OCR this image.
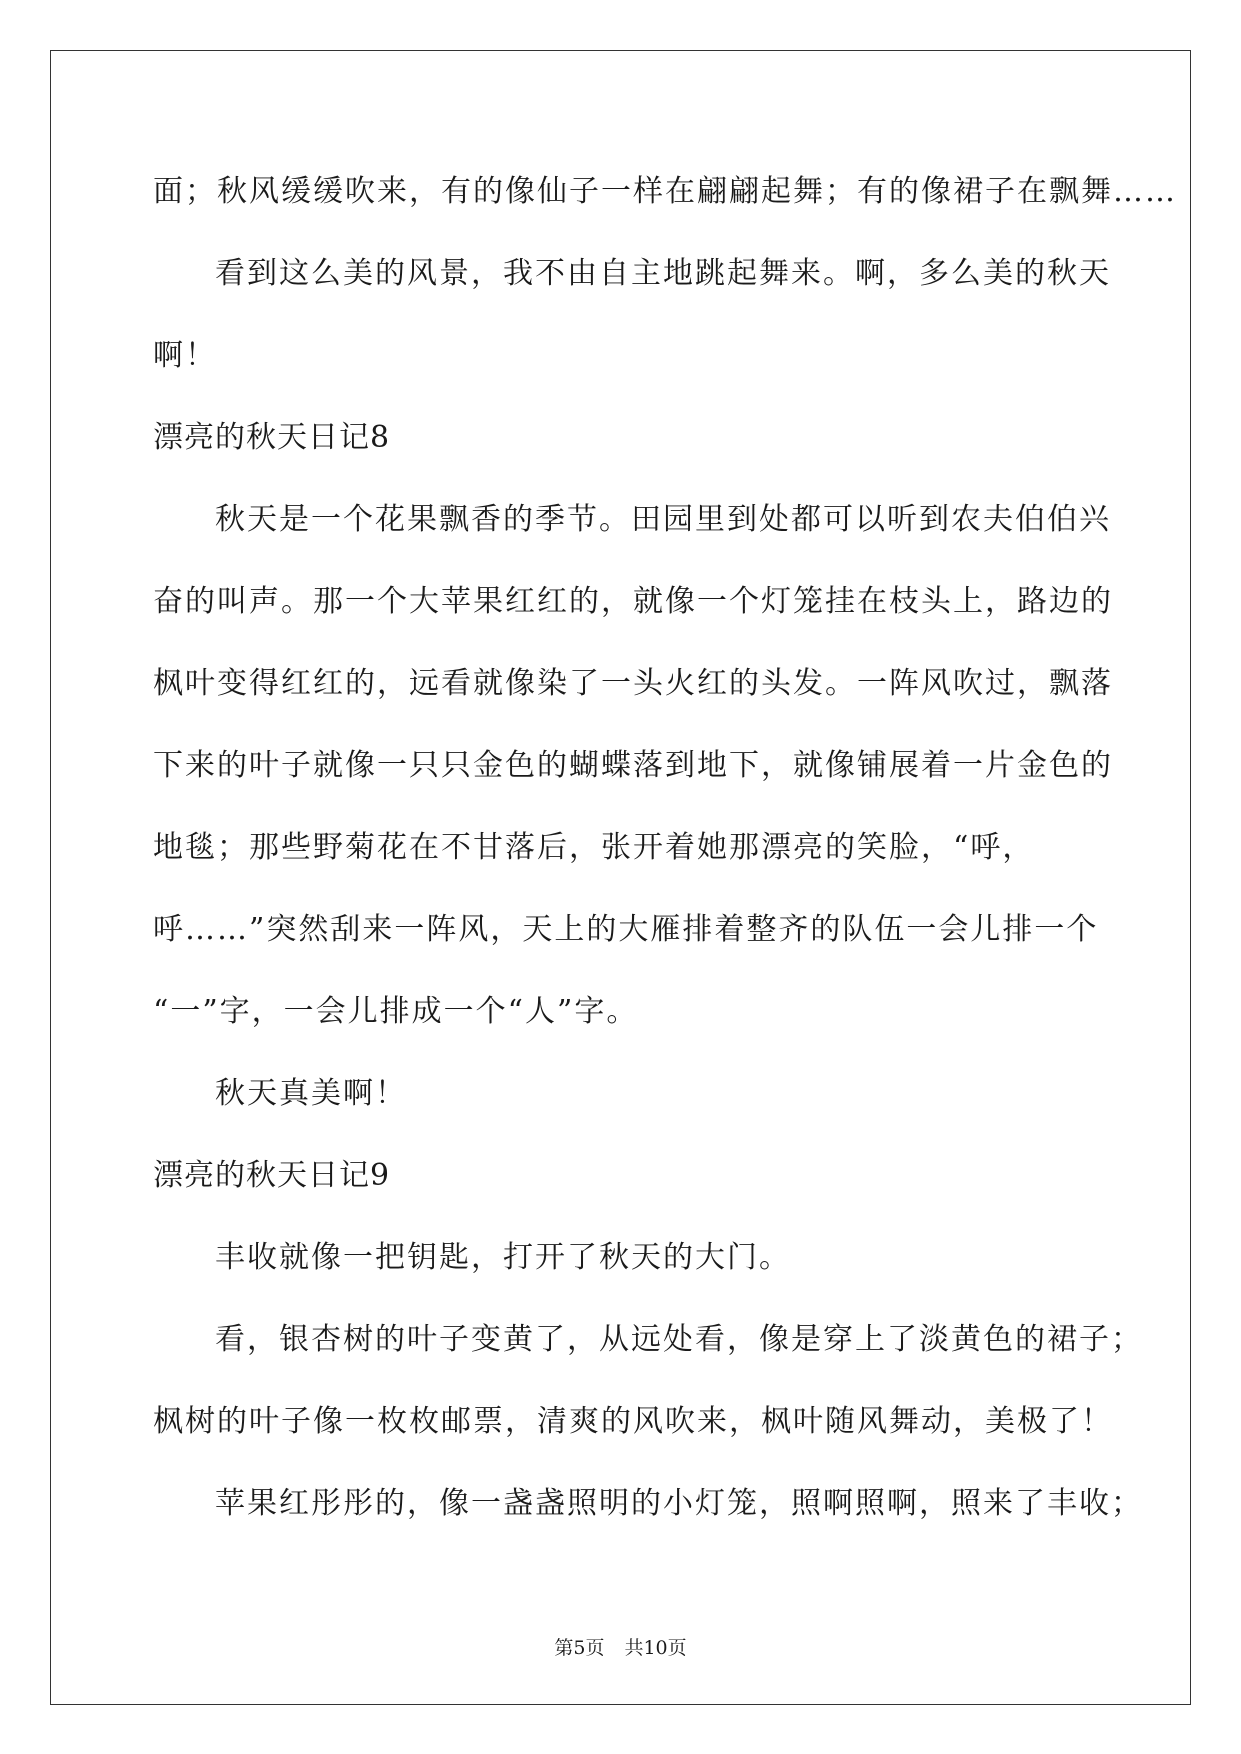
面；秋风缓缓吹来，有的像仙子一样在翩翩起舞；有的像裙子在飘舞……
看到这么美的风景，我不由自主地跳起舞来。啊，多么美的秋天
啊！
漂亮的秋天日记8
秋天是一个花果飘香的季节。田园里到处都可以听到农夫伯伯兴
奋的叫声。那一个大苹果红红的，就像一个灯笼挂在枝头上，路边的
枫叶变得红红的，远看就像染了一头火红的头发。一阵风吹过，飘落
下来的叶子就像一只只金色的蝴蝶落到地下，就像铺展着一片金色的
地毯；那些野菊花在不甘落后，张开着她那漂亮的笑脸，“呼，
呼……”突然刮来一阵风，天上的大雁排着整齐的队伍一会儿排一个
“一”字，一会儿排成一个“人”字。
秋天真美啊！
漂亮的秋天日记9
丰收就像一把钥匙，打开了秋天的大门。
看，银杏树的叶子变黄了，从远处看，像是穿上了淡黄色的裙子；
枫树的叶子像一枚枚邮票，清爽的风吹来，枫叶随风舞动，美极了！
苹果红彤彤的，像一盏盏照明的小灯笼，照啊照啊，照来了丰收；
第5页 共10页
